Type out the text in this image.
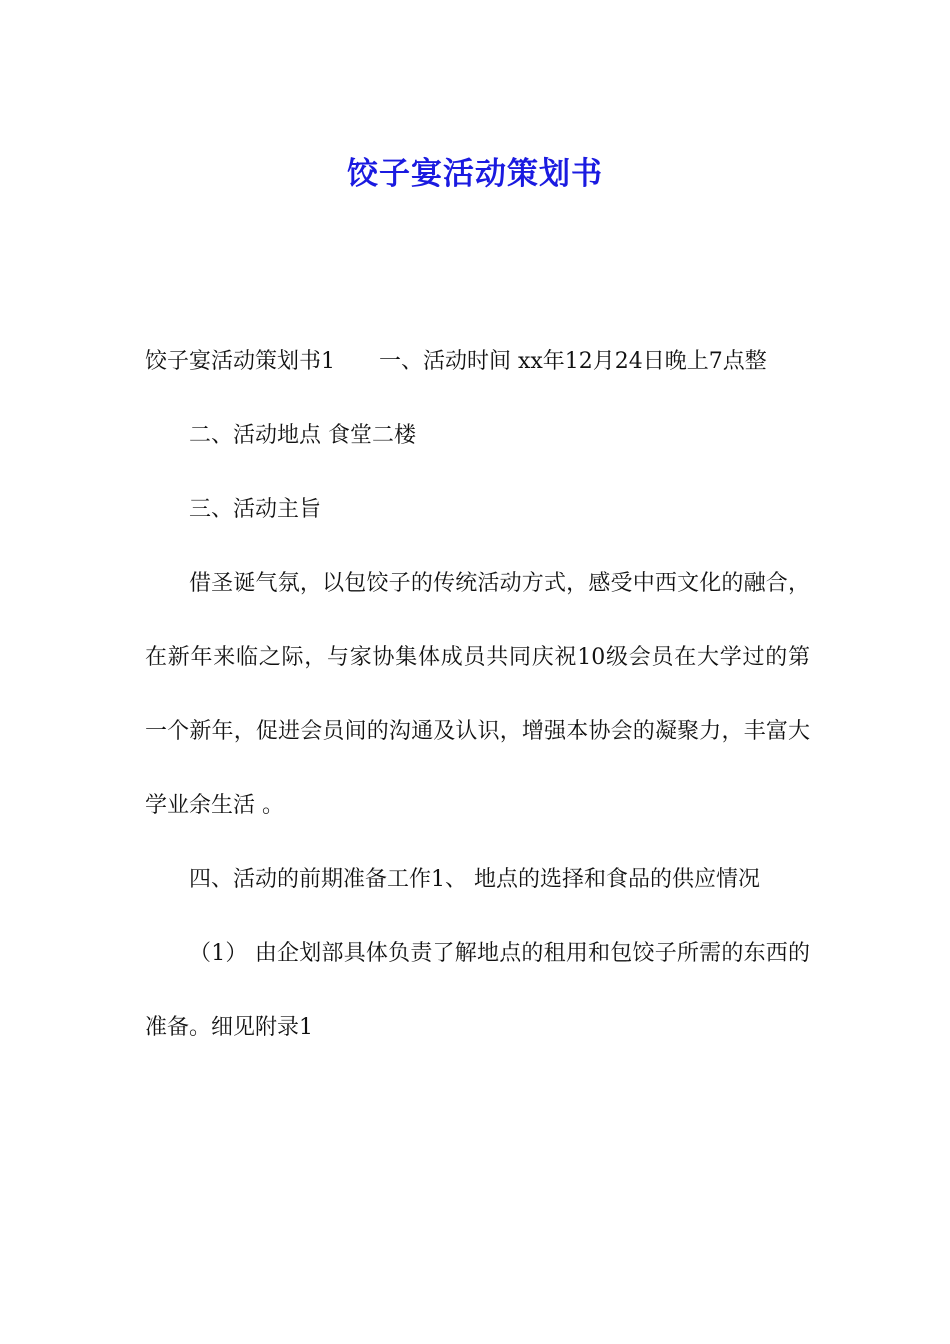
饺子宴活动策划书

饺子宴活动策划书1　　一、活动时间 xx年12月24日晚上7点整

二、活动地点 食堂二楼

三、活动主旨

借圣诞气氛，以包饺子的传统活动方式，感受中西文化的融合，在新年来临之际，与家协集体成员共同庆祝10级会员在大学过的第一个新年，促进会员间的沟通及认识，增强本协会的凝聚力，丰富大学业余生活 。

四、活动的前期准备工作1、 地点的选择和食品的供应情况

（1） 由企划部具体负责了解地点的租用和包饺子所需的东西的准备。细见附录1
